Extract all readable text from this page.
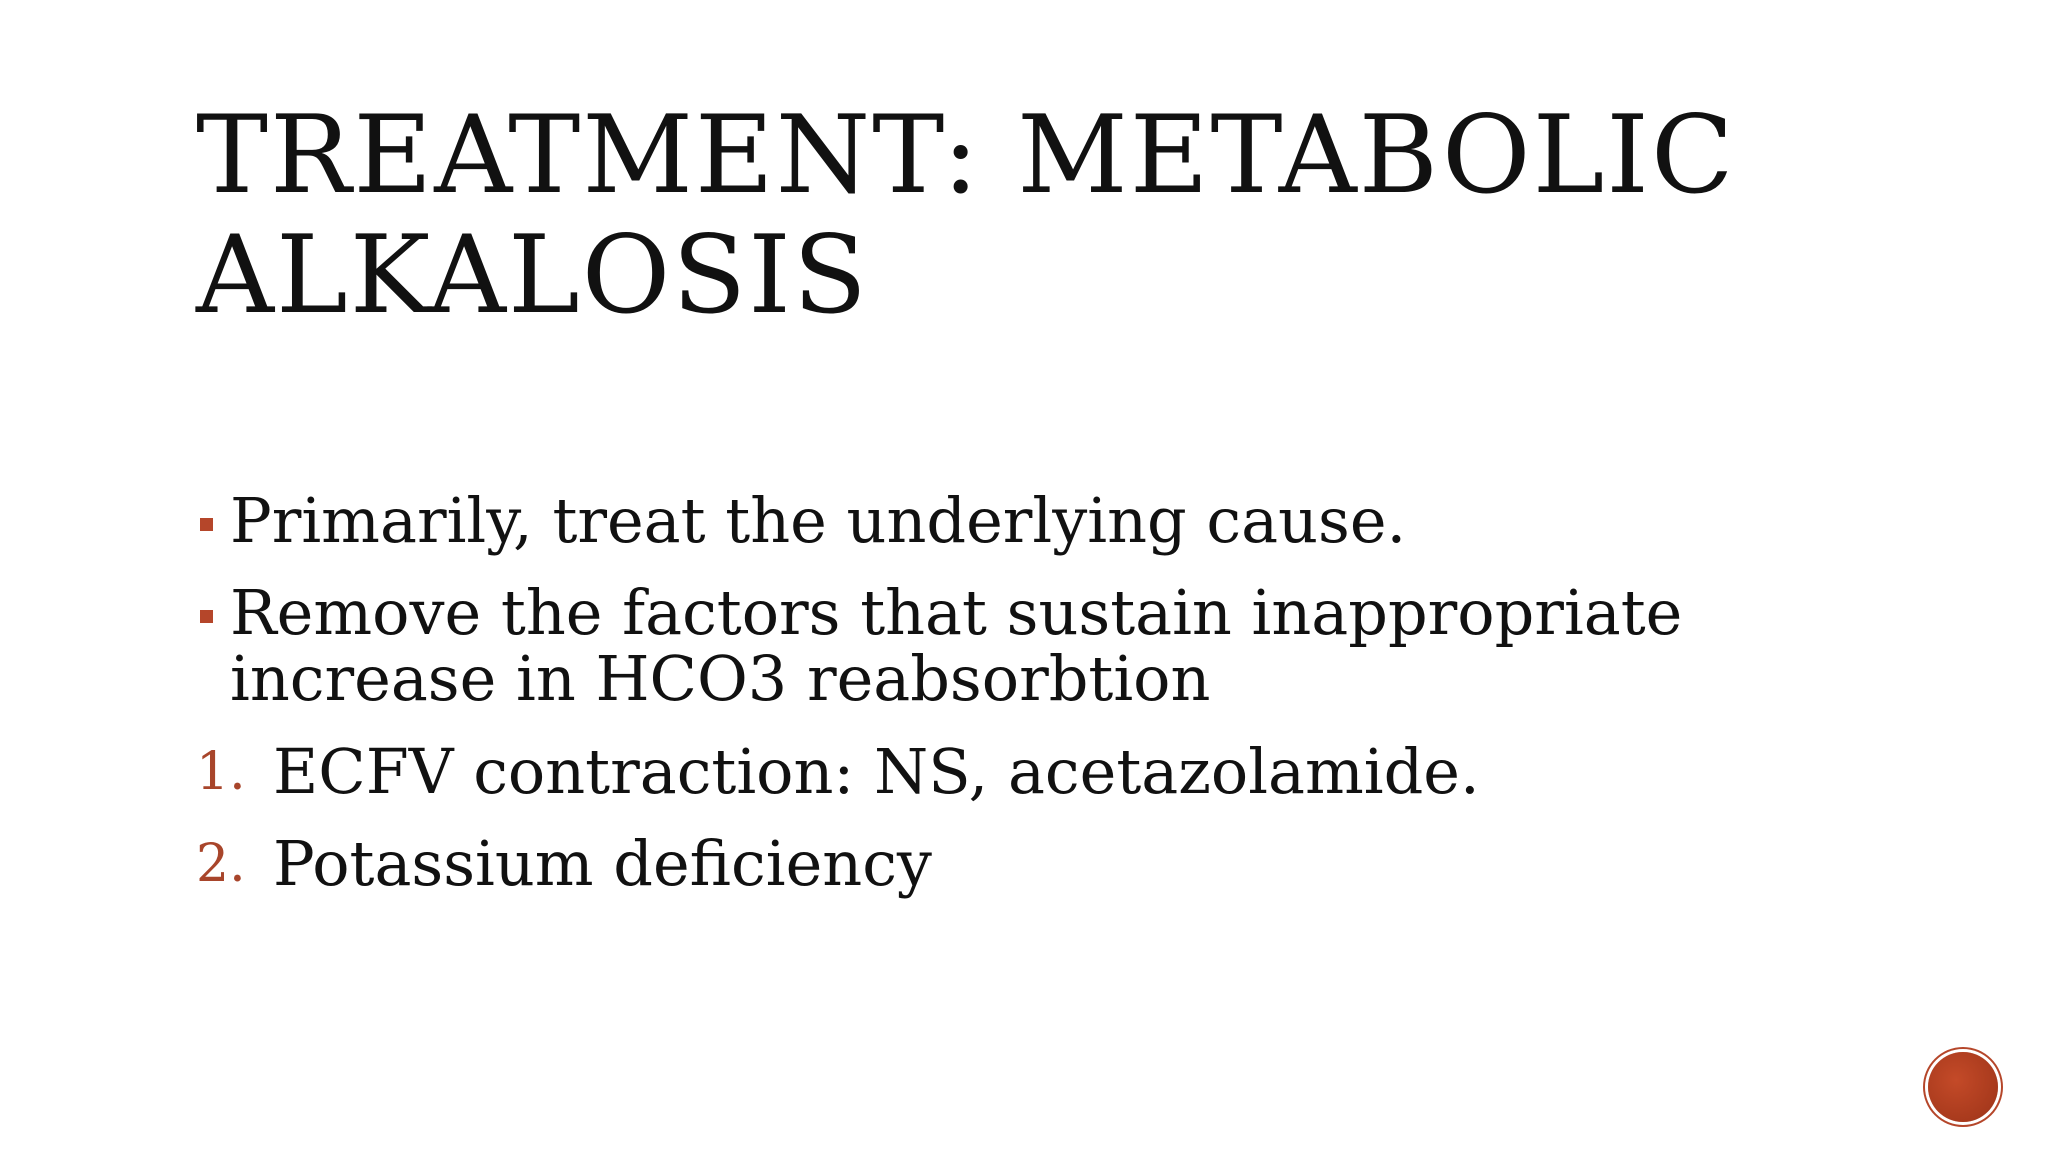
TREATMENT: METABOLIC
ALKALOSIS
Primarily, treat the underlying cause.
Remove the factors that sustain inappropriate increase in HCO3 reabsorbtion
1. ECFV contraction: NS, acetazolamide.
2. Potassium deficiency
